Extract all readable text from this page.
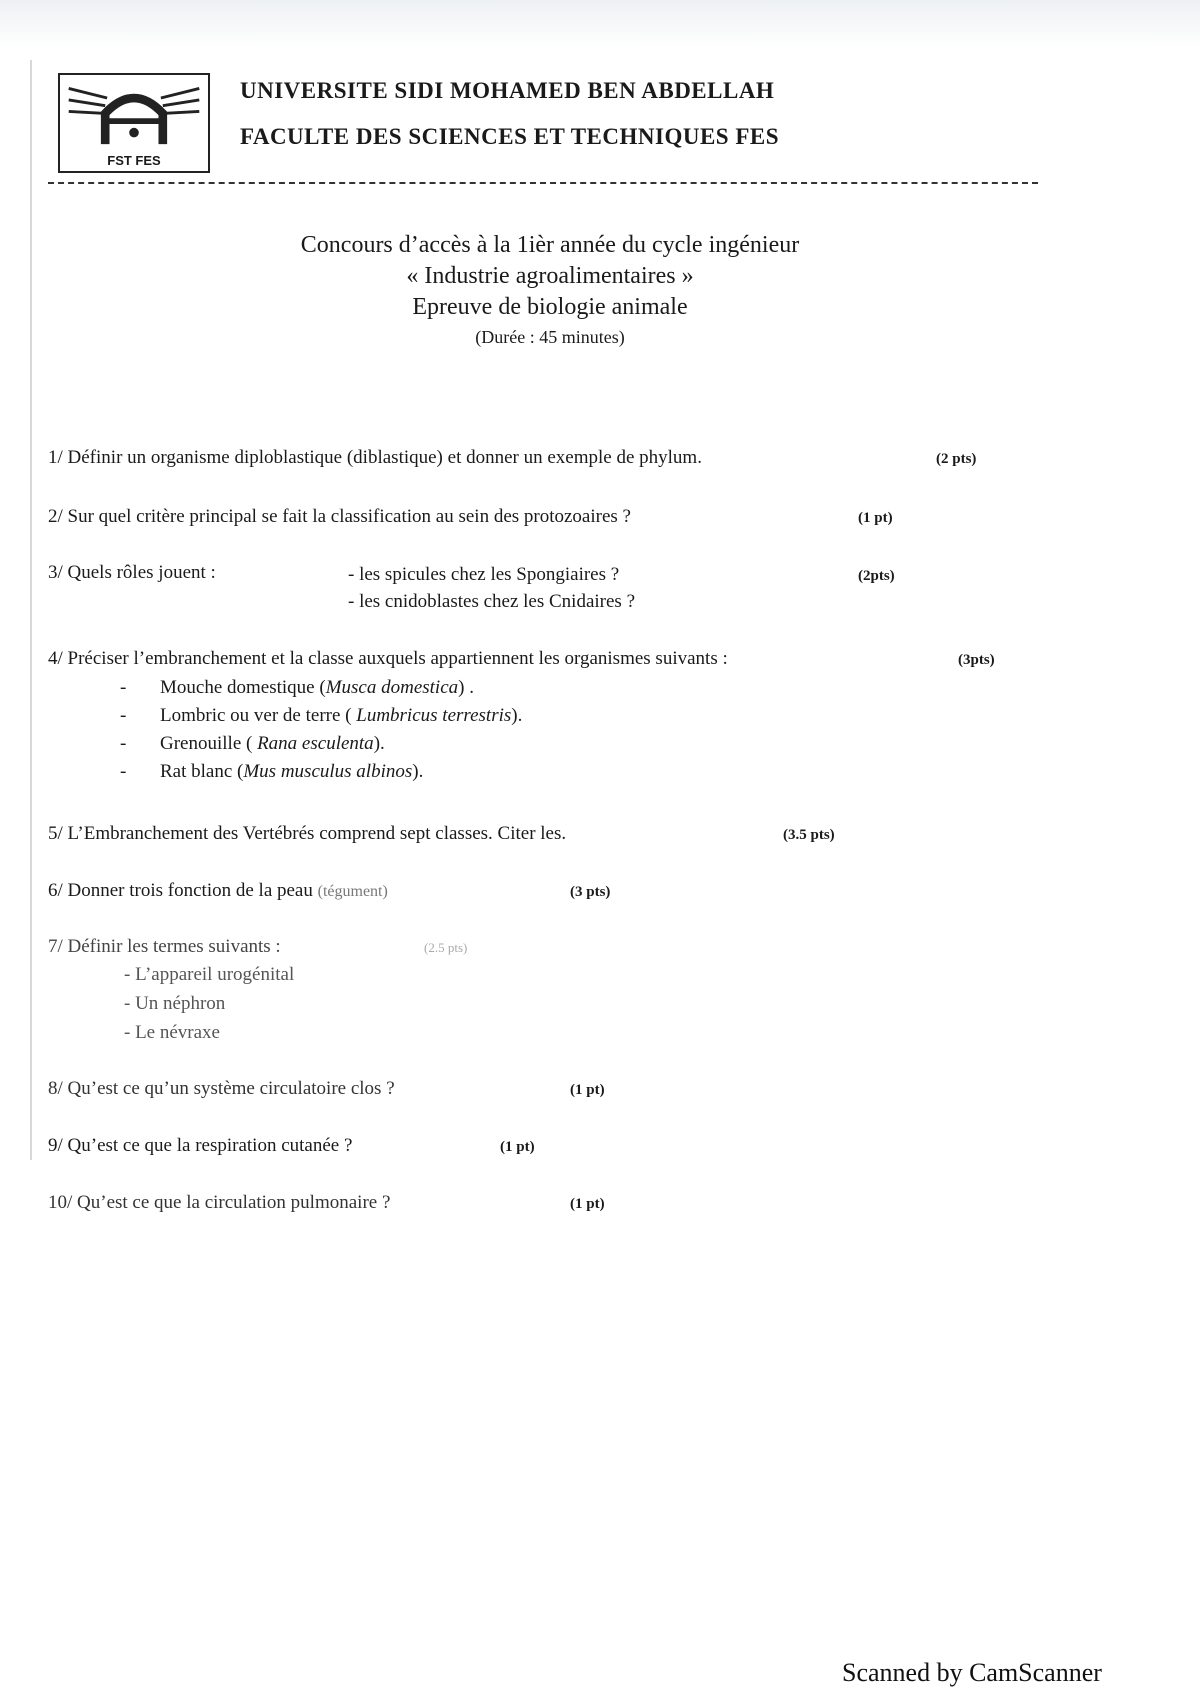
FST FES
UNIVERSITE SIDI MOHAMED BEN ABDELLAH
FACULTE DES SCIENCES ET TECHNIQUES FES
Concours d’accès à la 1ièr année du cycle ingénieur
« Industrie agroalimentaires »
Epreuve de biologie animale
(Durée : 45 minutes)
1/ Définir un organisme diploblastique (diblastique) et donner un exemple de phylum.	(2 pts)
2/ Sur quel critère principal se fait la classification au sein des protozoaires ?	(1 pt)
3/ Quels rôles jouent :	- les spicules chez les Spongiaires ?
- les cnidoblastes chez les Cnidaires ?
(2pts)
4/ Préciser l’embranchement et la classe auxquels appartiennent les organismes suivants :	(3pts)
- Mouche domestique (Musca domestica) .
- Lombric ou ver de terre ( Lumbricus terrestris).
- Grenouille ( Rana esculenta).
- Rat blanc (Mus musculus albinos).
5/ L’Embranchement des Vertébrés comprend sept classes. Citer les.	(3.5 pts)
6/ Donner trois fonction de la peau (tégument)	(3 pts)
7/ Définir les termes suivants :	(2.5 pts)
- L’appareil urogénital
- Un néphron
- Le névraxe
8/ Qu’est ce qu’un système circulatoire clos ?	(1 pt)
9/ Qu’est ce que la respiration cutanée ?	(1 pt)
10/ Qu’est ce que la circulation pulmonaire ?	(1 pt)
Scanned by CamScanner
